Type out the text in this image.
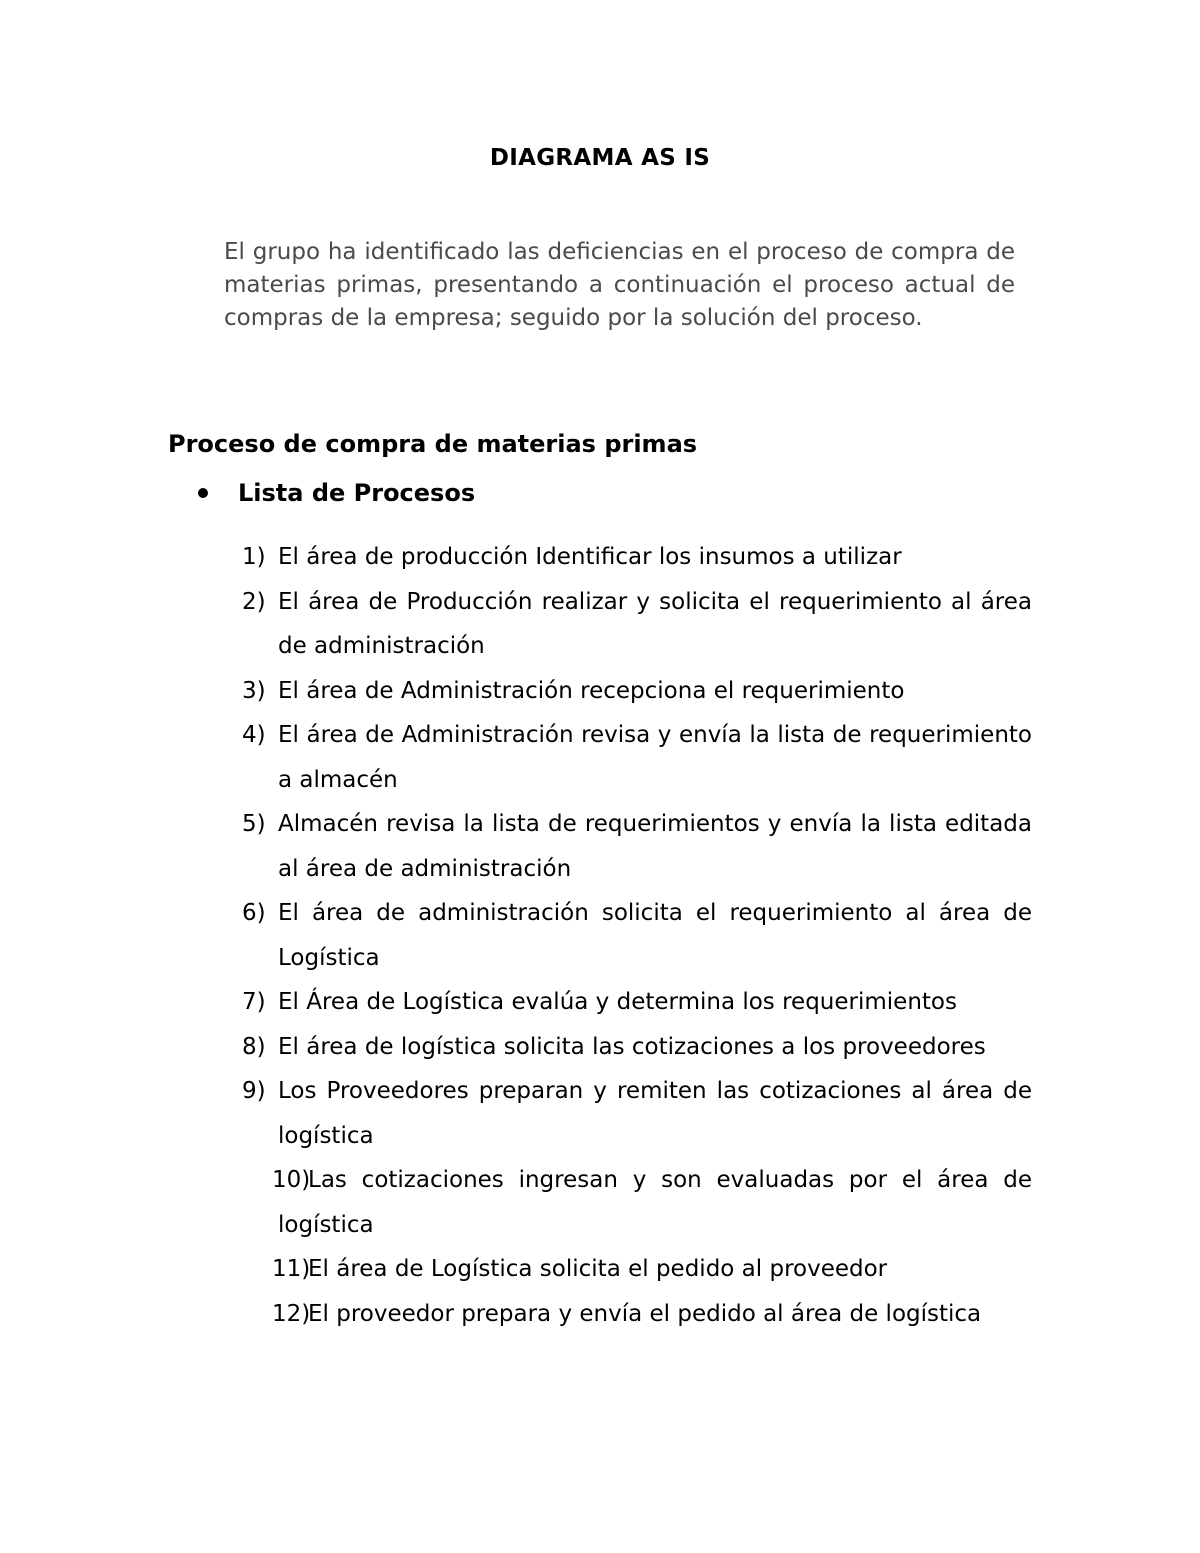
DIAGRAMA AS IS

El grupo ha identificado las deficiencias en el proceso de compra de materias primas, presentando a continuación el proceso actual de compras de la empresa; seguido por la solución del proceso.

Proceso de compra de materias primas
Lista de Procesos
1) El área de producción Identificar los insumos a utilizar
2) El área de Producción realizar y solicita el requerimiento al área de administración
3) El área de Administración recepciona el requerimiento
4) El área de Administración revisa y envía la lista de requerimiento a almacén
5) Almacén revisa la lista de requerimientos y envía la lista editada al área de administración
6) El área de administración solicita el requerimiento al área de Logística
7) El Área de Logística evalúa y determina los requerimientos
8) El área de logística solicita las cotizaciones a los proveedores
9) Los Proveedores preparan y remiten las cotizaciones al área de logística
10)
Las cotizaciones ingresan y son evaluadas por el área de logística
11)
El área de Logística solicita el pedido al proveedor
12)
El proveedor prepara y envía el pedido al área de logística
